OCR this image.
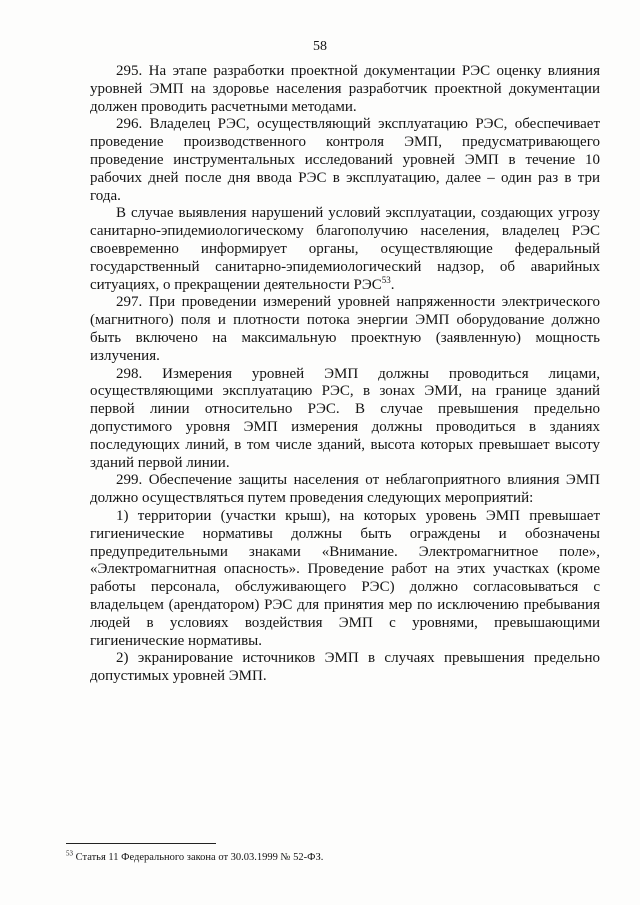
58

295. На этапе разработки проектной документации РЭС оценку влияния уровней ЭМП на здоровье населения разработчик проектной документации должен проводить расчетными методами.

296. Владелец РЭС, осуществляющий эксплуатацию РЭС, обеспечивает проведение производственного контроля ЭМП, предусматривающего проведение инструментальных исследований уровней ЭМП в течение 10 рабочих дней после дня ввода РЭС в эксплуатацию, далее – один раз в три года.

В случае выявления нарушений условий эксплуатации, создающих угрозу санитарно-эпидемиологическому благополучию населения, владелец РЭС своевременно информирует органы, осуществляющие федеральный государственный санитарно-эпидемиологический надзор, об аварийных ситуациях, о прекращении деятельности РЭС$^{53}$.

297. При проведении измерений уровней напряженности электрического (магнитного) поля и плотности потока энергии ЭМП оборудование должно быть включено на максимальную проектную (заявленную) мощность излучения.

298. Измерения уровней ЭМП должны проводиться лицами, осуществляющими эксплуатацию РЭС, в зонах ЭМИ, на границе зданий первой линии относительно РЭС. В случае превышения предельно допустимого уровня ЭМП измерения должны проводиться в зданиях последующих линий, в том числе зданий, высота которых превышает высоту зданий первой линии.

299. Обеспечение защиты населения от неблагоприятного влияния ЭМП должно осуществляться путем проведения следующих мероприятий:

1) территории (участки крыш), на которых уровень ЭМП превышает гигиенические нормативы должны быть ограждены и обозначены предупредительными знаками «Внимание. Электромагнитное поле», «Электромагнитная опасность». Проведение работ на этих участках (кроме работы персонала, обслуживающего РЭС) должно согласовываться с владельцем (арендатором) РЭС для принятия мер по исключению пребывания людей в условиях воздействия ЭМП с уровнями, превышающими гигиенические нормативы.

2) экранирование источников ЭМП в случаях превышения предельно допустимых уровней ЭМП.

$^{53}$ Статья 11 Федерального закона от 30.03.1999 № 52-ФЗ.
